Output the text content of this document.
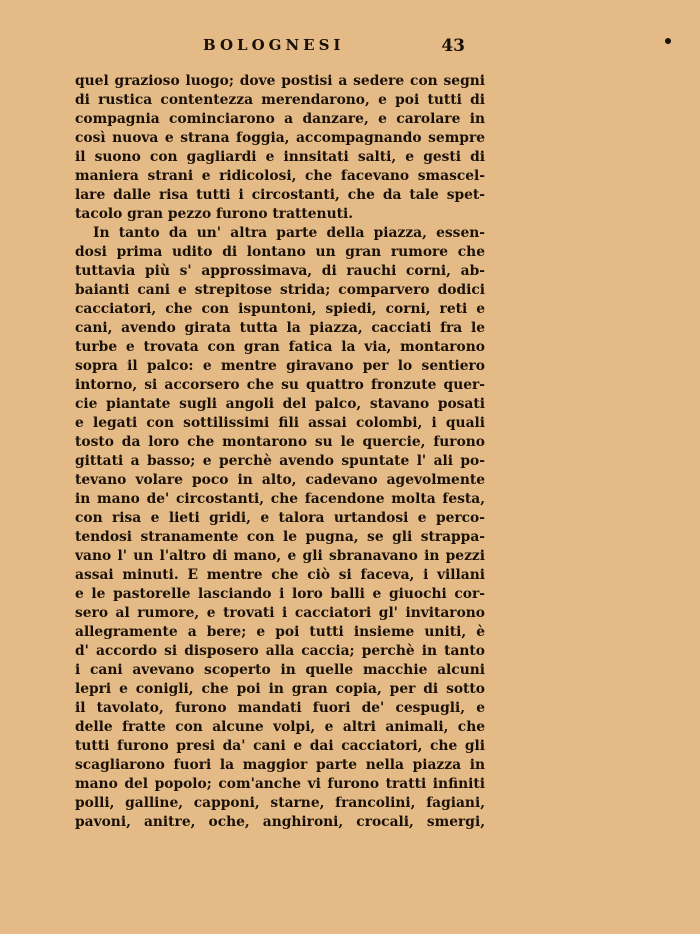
BOLOGNESI	43
quel grazioso luogo; dove postisi a sedere con segni
di rustica contentezza merendarono, e poi tutti di
compagnia cominciarono a danzare, e carolare in
così nuova e strana foggia, accompagnando sempre
il suono con gagliardi e innsitati salti, e gesti di
maniera strani e ridicolosi, che facevano smascel-
lare dalle risa tutti i circostanti, che da tale spet-
tacolo gran pezzo furono trattenuti.
In tanto da un' altra parte della piazza, essen-
dosi prima udito di lontano un gran rumore che
tuttavia più s' approssimava, di rauchi corni, ab-
baianti cani e strepitose strida; comparvero dodici
cacciatori, che con ispuntoni, spiedi, corni, reti e
cani, avendo girata tutta la piazza, cacciati fra le
turbe e trovata con gran fatica la via, montarono
sopra il palco: e mentre giravano per lo sentiero
intorno, si accorsero che su quattro fronzute quer-
cie piantate sugli angoli del palco, stavano posati
e legati con sottilissimi fili assai colombi, i quali
tosto da loro che montarono su le quercie, furono
gittati a basso; e perchè avendo spuntate l' ali po-
tevano volare poco in alto, cadevano agevolmente
in mano de' circostanti, che facendone molta festa,
con risa e lieti gridi, e talora urtandosi e perco-
tendosi stranamente con le pugna, se gli strappa-
vano l' un l'altro di mano, e gli sbranavano in pezzi
assai minuti. E mentre che ciò si faceva, i villani
e le pastorelle lasciando i loro balli e giuochi cor-
sero al rumore, e trovati i cacciatori gl' invitarono
allegramente a bere; e poi tutti insieme uniti, è
d' accordo si disposero alla caccia; perchè in tanto
i cani avevano scoperto in quelle macchie alcuni
lepri e conigli, che poi in gran copia, per di sotto
il tavolato, furono mandati fuori de' cespugli, e
delle fratte con alcune volpi, e altri animali, che
tutti furono presi da' cani e dai cacciatori, che gli
scagliarono fuori la maggior parte nella piazza in
mano del popolo; com'anche vi furono tratti infiniti
polli, galline, capponi, starne, francolini, fagiani,
pavoni, anitre, oche, anghironi, crocali, smergi,
